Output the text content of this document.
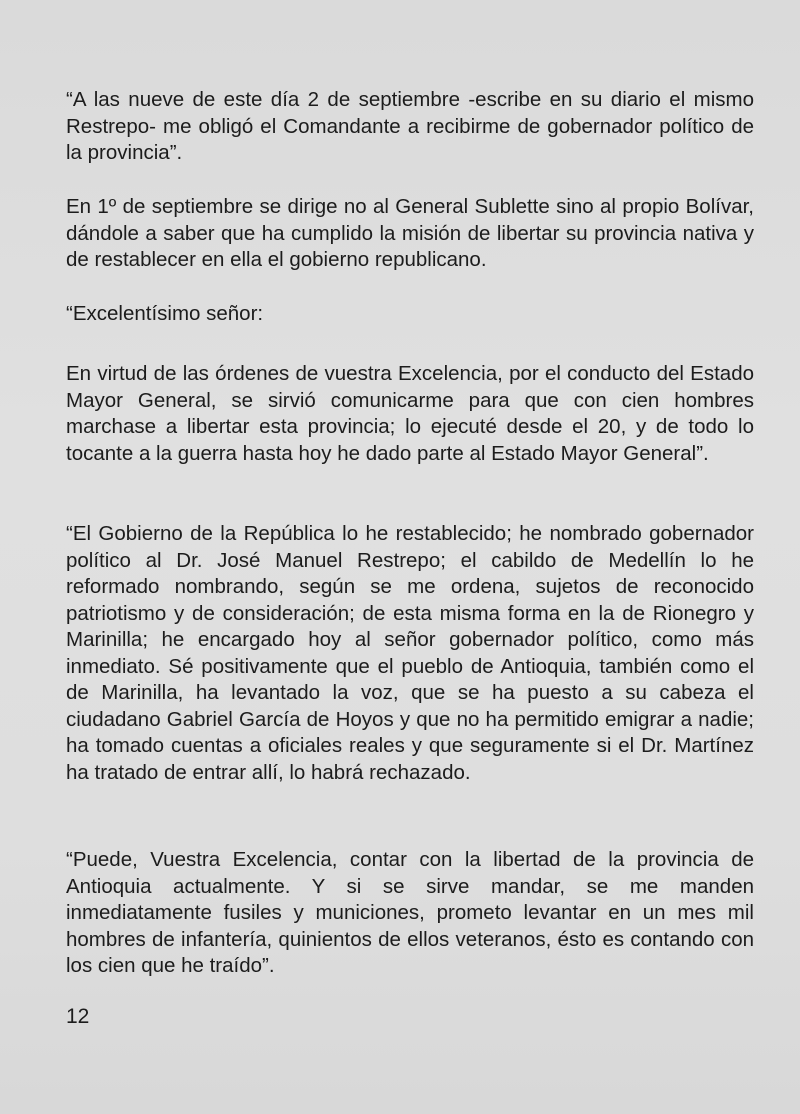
“A las nueve de este día 2 de septiembre -escribe en su diario el mismo Restrepo- me obligó el Comandante a recibirme de gobernador político de la provincia”.

En 1º de septiembre se dirige no al General Sublette sino al propio Bolívar, dándole a saber que ha cumplido la misión de libertar su provincia nativa y de restablecer en ella el gobierno republicano.

“Excelentísimo señor:

En virtud de las órdenes de vuestra Excelencia, por el conducto del Estado Mayor General, se sirvió comunicarme para que con cien hombres marchase a libertar esta provincia; lo ejecuté desde el 20, y de todo lo tocante a la guerra hasta hoy he dado parte al Estado Mayor General”.

“El Gobierno de la República lo he restablecido; he nombrado gobernador político al Dr. José Manuel Restrepo; el cabildo de Medellín lo he reformado nombrando, según se me ordena, sujetos de reconocido patriotismo y de consideración; de esta misma forma en la de Rionegro y Marinilla; he encargado hoy al señor gobernador político, como más inmediato. Sé positivamente que el pueblo de Antioquia, también como el de Marinilla, ha levantado la voz, que se ha puesto a su cabeza el ciudadano Gabriel García de Hoyos y que no ha permitido emigrar a nadie; ha tomado cuentas a oficiales reales y que seguramente si el Dr. Martínez ha tratado de entrar allí, lo habrá rechazado.

“Puede, Vuestra Excelencia, contar con la libertad de la provincia de Antioquia actualmente. Y si se sirve mandar, se me manden inmediatamente fusiles y municiones, prometo levantar en un mes mil hombres de infantería, quinientos de ellos veteranos, ésto es contando con los cien que he traído”.

12
